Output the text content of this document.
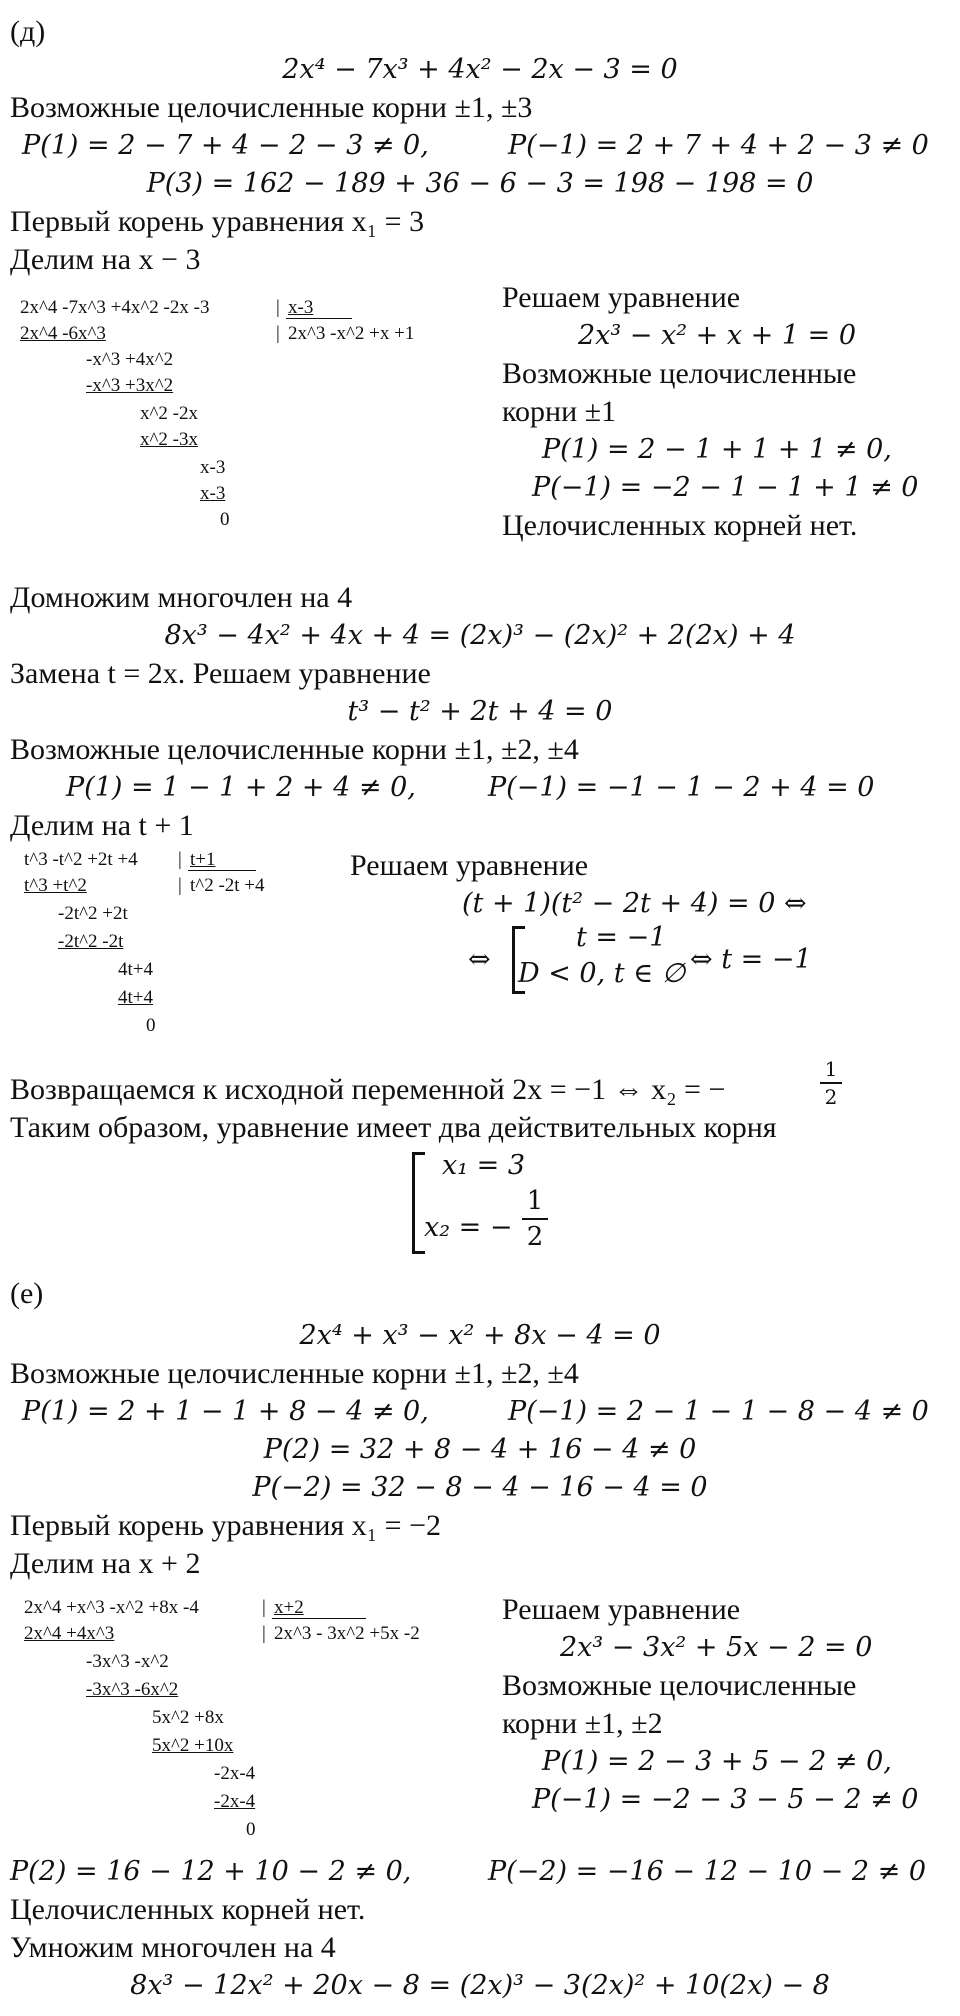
(д)
2x⁴ − 7x³ + 4x² − 2x − 3 = 0
Возможные целочисленные корни ±1, ±3
P(1) = 2 − 7 + 4 − 2 − 3 ≠ 0,	P(−1) = 2 + 7 + 4 + 2 − 3 ≠ 0
P(3) = 162 − 189 + 36 − 6 − 3 = 198 − 198 = 0
Первый корень уравнения x₁ = 3
Делим на x − 3
2x^4 -7x^3 +4x^2 -2x -3	| x-3
| 2x^3 -x^2 +x +1
2x^4 -6x^3
-x^3 +4x^2
-x^3 +3x^2
x^2 -2x
x^2 -3x
x-3
x-3
0
Решаем уравнение
2x³ − x² + x + 1 = 0
Возможные целочисленные
корни ±1
P(1) = 2 − 1 + 1 + 1 ≠ 0,
P(−1) = −2 − 1 − 1 + 1 ≠ 0
Целочисленных корней нет.
Домножим многочлен на 4
8x³ − 4x² + 4x + 4 = (2x)³ − (2x)² + 2(2x) + 4
Замена t = 2x. Решаем уравнение
t³ − t² + 2t + 4 = 0
Возможные целочисленные корни ±1, ±2, ±4
P(1) = 1 − 1 + 2 + 4 ≠ 0,	P(−1) = −1 − 1 − 2 + 4 = 0
Делим на t + 1
t^3 -t^2 +2t +4 | t+1
| t^2 -2t +4
t^3 +t^2
-2t^2 +2t
-2t^2 -2t
4t+4
4t+4
0
Решаем уравнение
(t + 1)(t² − 2t + 4) = 0 ⇔
⇔
t = −1
D < 0, t ∈ ∅ ⇔ t = −1
Возвращаемся к исходной переменной 2x = −1 ⇔ x₂ = −
1
2
Таким образом, уравнение имеет два действительных корня
x₁ = 3
x₂ = −
1
2
(е)
2x⁴ + x³ − x² + 8x − 4 = 0
Возможные целочисленные корни ±1, ±2, ±4
P(1) = 2 + 1 − 1 + 8 − 4 ≠ 0,	P(−1) = 2 − 1 − 1 − 8 − 4 ≠ 0
P(2) = 32 + 8 − 4 + 16 − 4 ≠ 0
P(−2) = 32 − 8 − 4 − 16 − 4 = 0
Первый корень уравнения x₁ = −2
Делим на x + 2
2x^4 +x^3 -x^2 +8x -4	| x+2
| 2x^3 - 3x^2 +5x -2
2x^4 +4x^3
-3x^3 -x^2
-3x^3 -6x^2
5x^2 +8x
5x^2 +10x
-2x-4
-2x-4
0
Решаем уравнение
2x³ − 3x² + 5x − 2 = 0
Возможные целочисленные
корни ±1, ±2
P(1) = 2 − 3 + 5 − 2 ≠ 0,
P(−1) = −2 − 3 − 5 − 2 ≠ 0
P(2) = 16 − 12 + 10 − 2 ≠ 0,	P(−2) = −16 − 12 − 10 − 2 ≠ 0
Целочисленных корней нет.
Умножим многочлен на 4
8x³ − 12x² + 20x − 8 = (2x)³ − 3(2x)² + 10(2x) − 8
